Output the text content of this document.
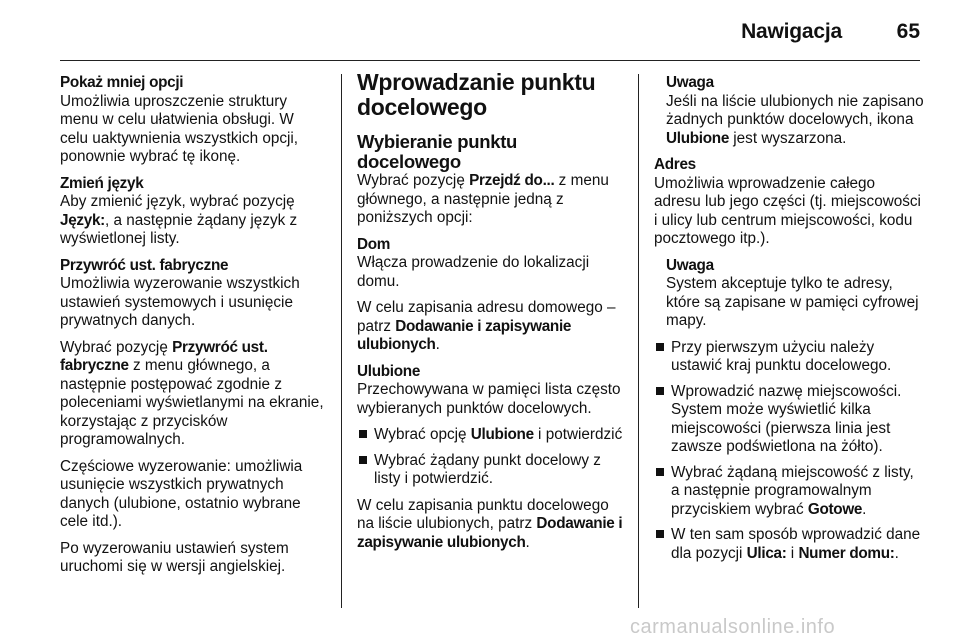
Nawigacja	65
Pokaż mniej opcji
Umożliwia uproszczenie struktury menu w celu ułatwienia obsługi. W celu uaktywnienia wszystkich opcji, ponownie wybrać tę ikonę.
Zmień język
Aby zmienić język, wybrać pozycję Język:, a następnie żądany język z wyświetlonej listy.
Przywróć ust. fabryczne
Umożliwia wyzerowanie wszystkich ustawień systemowych i usunięcie prywatnych danych.
Wybrać pozycję Przywróć ust. fabryczne z menu głównego, a następnie postępować zgodnie z poleceniami wyświetlanymi na ekranie, korzystając z przycisków programowalnych.
Częściowe wyzerowanie: umożliwia usunięcie wszystkich prywatnych danych (ulubione, ostatnio wybrane cele itd.).
Po wyzerowaniu ustawień system uruchomi się w wersji angielskiej.
Wprowadzanie punktu docelowego
Wybieranie punktu docelowego
Wybrać pozycję Przejdź do... z menu głównego, a następnie jedną z poniższych opcji:
Dom
Włącza prowadzenie do lokalizacji domu.
W celu zapisania adresu domowego – patrz Dodawanie i zapisywanie ulubionych.
Ulubione
Przechowywana w pamięci lista często wybieranych punktów docelowych.
Wybrać opcję Ulubione i potwierdzić
Wybrać żądany punkt docelowy z listy i potwierdzić.
W celu zapisania punktu docelowego na liście ulubionych, patrz Dodawanie i zapisywanie ulubionych.
Uwaga
Jeśli na liście ulubionych nie zapisano żadnych punktów docelowych, ikona Ulubione jest wyszarzona.
Adres
Umożliwia wprowadzenie całego adresu lub jego części (tj. miejscowości i ulicy lub centrum miejscowości, kodu pocztowego itp.).
Uwaga
System akceptuje tylko te adresy, które są zapisane w pamięci cyfrowej mapy.
Przy pierwszym użyciu należy ustawić kraj punktu docelowego.
Wprowadzić nazwę miejscowości. System może wyświetlić kilka miejscowości (pierwsza linia jest zawsze podświetlona na żółto).
Wybrać żądaną miejscowość z listy, a następnie programowalnym przyciskiem wybrać Gotowe.
W ten sam sposób wprowadzić dane dla pozycji Ulica: i Numer domu:.
carmanualsonline.info
